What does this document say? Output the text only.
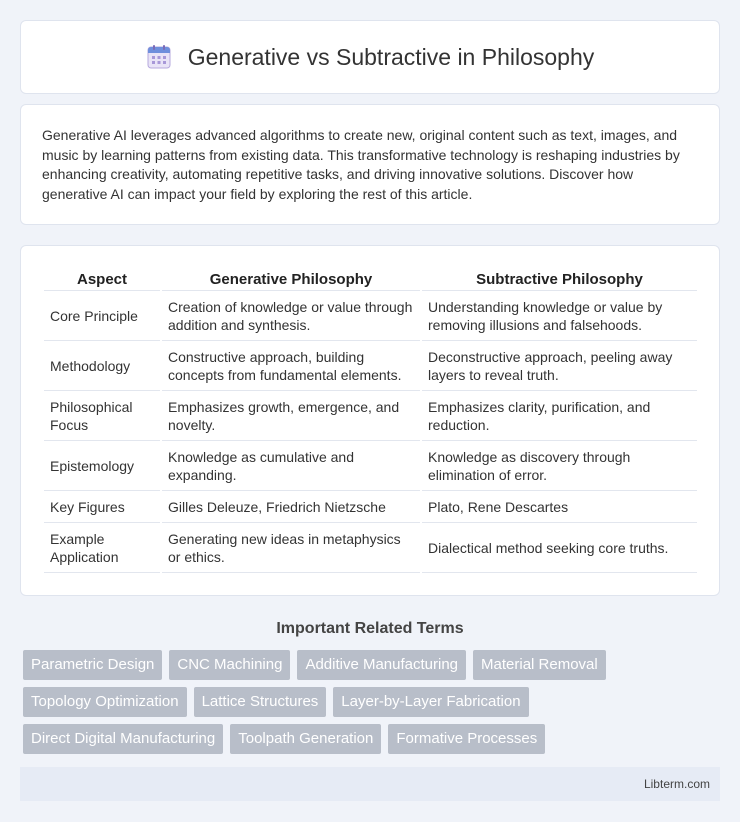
Generative vs Subtractive in Philosophy

Generative AI leverages advanced algorithms to create new, original content such as text, images, and music by learning patterns from existing data. This transformative technology is reshaping industries by enhancing creativity, automating repetitive tasks, and driving innovative solutions. Discover how generative AI can impact your field by exploring the rest of this article.

Aspect	Generative Philosophy	Subtractive Philosophy
Core Principle	Creation of knowledge or value through addition and synthesis.	Understanding knowledge or value by removing illusions and falsehoods.
Methodology	Constructive approach, building concepts from fundamental elements.	Deconstructive approach, peeling away layers to reveal truth.
Philosophical Focus	Emphasizes growth, emergence, and novelty.	Emphasizes clarity, purification, and reduction.
Epistemology	Knowledge as cumulative and expanding.	Knowledge as discovery through elimination of error.
Key Figures	Gilles Deleuze, Friedrich Nietzsche	Plato, Rene Descartes
Example Application	Generating new ideas in metaphysics or ethics.	Dialectical method seeking core truths.
Important Related Terms
Parametric Design	CNC Machining	Additive Manufacturing	Material Removal
Topology Optimization	Lattice Structures	Layer-by-Layer Fabrication
Direct Digital Manufacturing	Toolpath Generation	Formative Processes
Libterm.com
